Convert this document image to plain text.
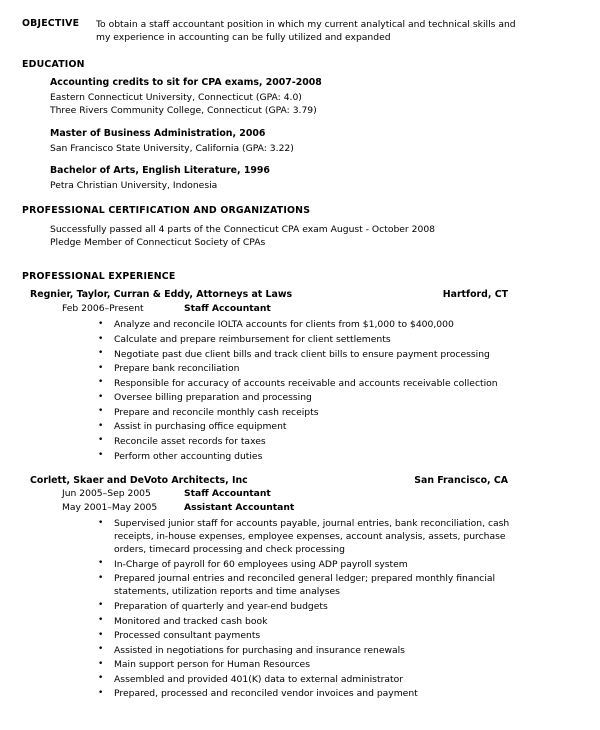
OBJECTIVE	To obtain a staff accountant position in which my current analytical and technical skills and my experience in accounting can be fully utilized and expanded
EDUCATION
Accounting credits to sit for CPA exams, 2007-2008
Eastern Connecticut University, Connecticut (GPA: 4.0)
Three Rivers Community College, Connecticut (GPA: 3.79)
Master of Business Administration, 2006
San Francisco State University, California (GPA: 3.22)
Bachelor of Arts, English Literature, 1996
Petra Christian University, Indonesia
PROFESSIONAL CERTIFICATION AND ORGANIZATIONS
Successfully passed all 4 parts of the Connecticut CPA exam August - October 2008
Pledge Member of Connecticut Society of CPAs
PROFESSIONAL EXPERIENCE
Regnier, Taylor, Curran & Eddy, Attorneys at Laws	Hartford, CT
Feb 2006–Present	Staff Accountant
• Analyze and reconcile IOLTA accounts for clients from $1,000 to $400,000
• Calculate and prepare reimbursement for client settlements
• Negotiate past due client bills and track client bills to ensure payment processing
• Prepare bank reconciliation
• Responsible for accuracy of accounts receivable and accounts receivable collection
• Oversee billing preparation and processing
• Prepare and reconcile monthly cash receipts
• Assist in purchasing office equipment
• Reconcile asset records for taxes
• Perform other accounting duties
Corlett, Skaer and DeVoto Architects, Inc	San Francisco, CA
Jun 2005–Sep 2005	Staff Accountant
May 2001–May 2005	Assistant Accountant
• Supervised junior staff for accounts payable, journal entries, bank reconciliation, cash receipts, in-house expenses, employee expenses, account analysis, assets, purchase orders, timecard processing and check processing
• In-Charge of payroll for 60 employees using ADP payroll system
• Prepared journal entries and reconciled general ledger; prepared monthly financial statements, utilization reports and time analyses
• Preparation of quarterly and year-end budgets
• Monitored and tracked cash book
• Processed consultant payments
• Assisted in negotiations for purchasing and insurance renewals
• Main support person for Human Resources
• Assembled and provided 401(K) data to external administrator
• Prepared, processed and reconciled vendor invoices and payment
